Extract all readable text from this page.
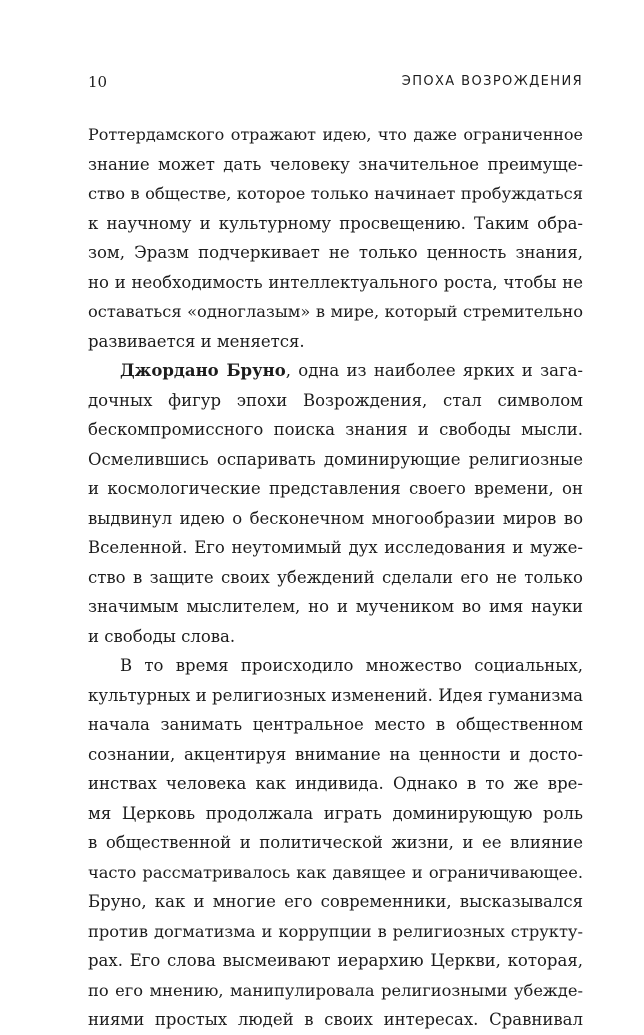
10	ЭПОХА ВОЗРОЖДЕНИЯ
Роттердамского отражают идею, что даже ограниченное
знание может дать человеку значительное преимуще-
ство в обществе, которое только начинает пробуждаться
к научному и культурному просвещению. Таким обра-
зом, Эразм подчеркивает не только ценность знания,
но и необходимость интеллектуального роста, чтобы не
оставаться «одноглазым» в мире, который стремительно
развивается и меняется.
Джордано Бруно, одна из наиболее ярких и зага-
дочных фигур эпохи Возрождения, стал символом
бескомпромиссного поиска знания и свободы мысли.
Осмелившись оспаривать доминирующие религиозные
и космологические представления своего времени, он
выдвинул идею о бесконечном многообразии миров во
Вселенной. Его неутомимый дух исследования и муже-
ство в защите своих убеждений сделали его не только
значимым мыслителем, но и мучеником во имя науки
и свободы слова.
В то время происходило множество социальных,
культурных и религиозных изменений. Идея гуманизма
начала занимать центральное место в общественном
сознании, акцентируя внимание на ценности и досто-
инствах человека как индивида. Однако в то же вре-
мя Церковь продолжала играть доминирующую роль
в общественной и политической жизни, и ее влияние
часто рассматривалось как давящее и ограничивающее.
Бруно, как и многие его современники, высказывался
против догматизма и коррупции в религиозных структу-
рах. Его слова высмеивают иерархию Церкви, которая,
по его мнению, манипулировала религиозными убежде-
ниями простых людей в своих интересах. Сравнивал
